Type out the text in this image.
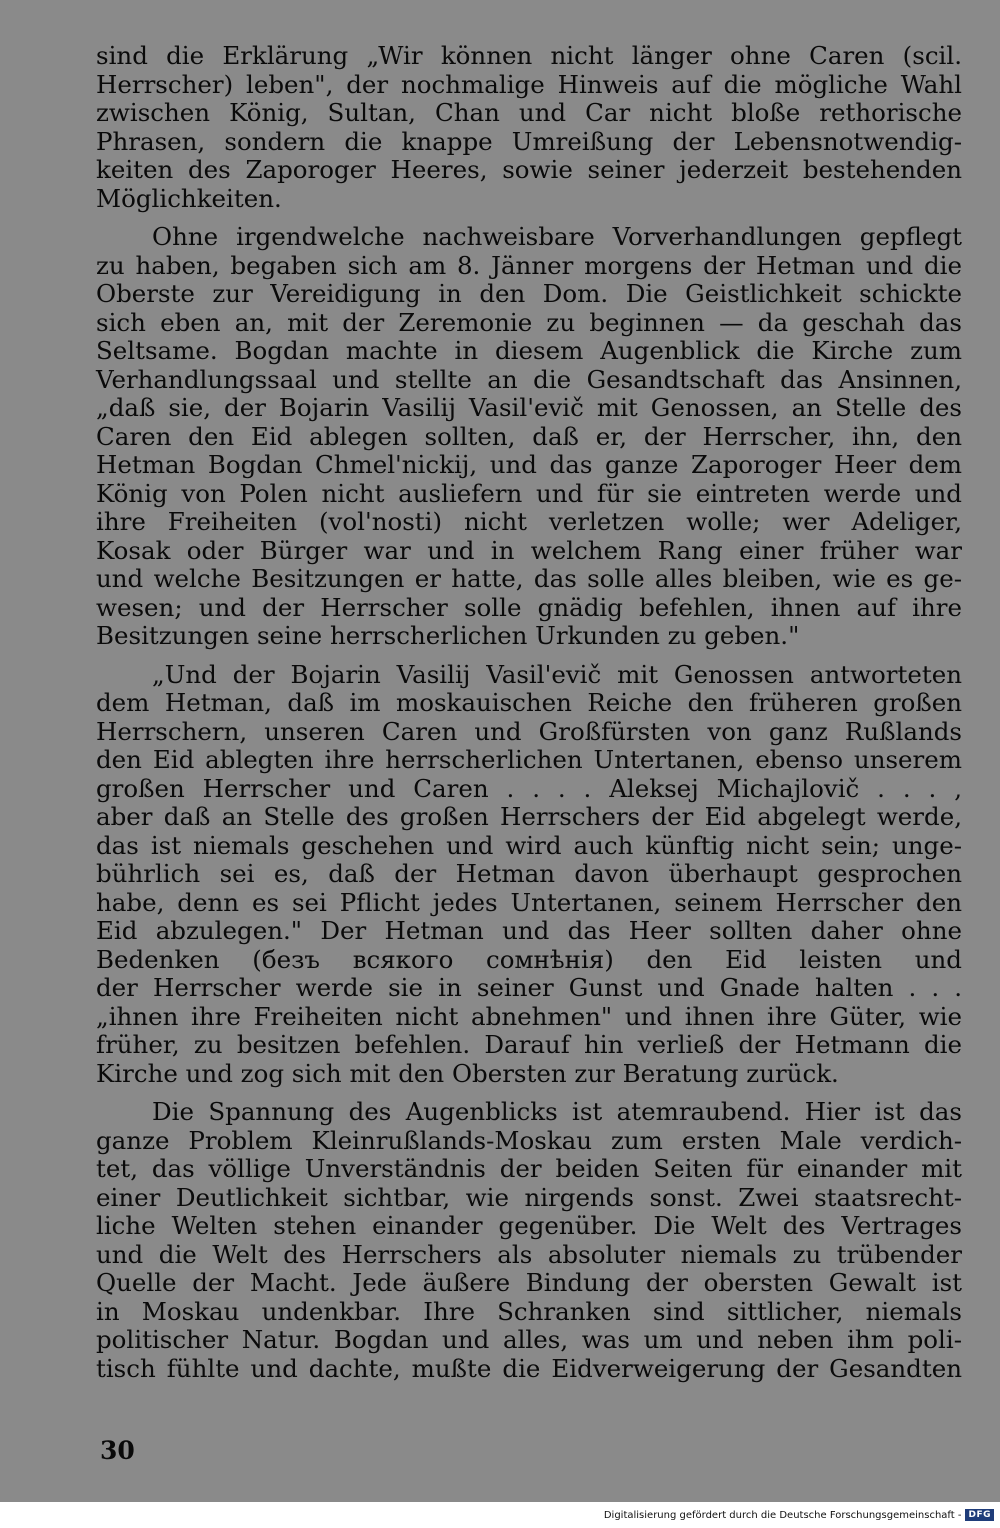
sind die Erklärung „Wir können nicht länger ohne Caren (scil.
Herrscher) leben", der nochmalige Hinweis auf die mögliche Wahl
zwischen König, Sultan, Chan und Car nicht bloße rethorische
Phrasen, sondern die knappe Umreißung der Lebensnotwendig-
keiten des Zaporoger Heeres, sowie seiner jederzeit bestehenden
Möglichkeiten.

Ohne irgendwelche nachweisbare Vorverhandlungen gepflegt
zu haben, begaben sich am 8. Jänner morgens der Hetman und die
Oberste zur Vereidigung in den Dom. Die Geistlichkeit schickte
sich eben an, mit der Zeremonie zu beginnen — da geschah das
Seltsame. Bogdan machte in diesem Augenblick die Kirche zum
Verhandlungssaal und stellte an die Gesandtschaft das Ansinnen,
„daß sie, der Bojarin Vasilij Vasil'evič mit Genossen, an Stelle des
Caren den Eid ablegen sollten, daß er, der Herrscher, ihn, den
Hetman Bogdan Chmel'nickij, und das ganze Zaporoger Heer dem
König von Polen nicht ausliefern und für sie eintreten werde und
ihre Freiheiten (vol'nosti) nicht verletzen wolle; wer Adeliger,
Kosak oder Bürger war und in welchem Rang einer früher war
und welche Besitzungen er hatte, das solle alles bleiben, wie es ge-
wesen; und der Herrscher solle gnädig befehlen, ihnen auf ihre
Besitzungen seine herrscherlichen Urkunden zu geben."

„Und der Bojarin Vasilij Vasil'evič mit Genossen antworteten
dem Hetman, daß im moskauischen Reiche den früheren großen
Herrschern, unseren Caren und Großfürsten von ganz Rußlands
den Eid ablegten ihre herrscherlichen Untertanen, ebenso unserem
großen Herrscher und Caren . . . . Aleksej Michajlovič . . . ,
aber daß an Stelle des großen Herrschers der Eid abgelegt werde,
das ist niemals geschehen und wird auch künftig nicht sein; unge-
bührlich sei es, daß der Hetman davon überhaupt gesprochen
habe, denn es sei Pflicht jedes Untertanen, seinem Herrscher den
Eid abzulegen." Der Hetman und das Heer sollten daher ohne
Bedenken (безъ всякого сомнѣнія) den Eid leisten und
der Herrscher werde sie in seiner Gunst und Gnade halten . . .
„ihnen ihre Freiheiten nicht abnehmen" und ihnen ihre Güter, wie
früher, zu besitzen befehlen. Darauf hin verließ der Hetmann die
Kirche und zog sich mit den Obersten zur Beratung zurück.

Die Spannung des Augenblicks ist atemraubend. Hier ist das
ganze Problem Kleinrußlands-Moskau zum ersten Male verdich-
tet, das völlige Unverständnis der beiden Seiten für einander mit
einer Deutlichkeit sichtbar, wie nirgends sonst. Zwei staatsrecht-
liche Welten stehen einander gegenüber. Die Welt des Vertrages
und die Welt des Herrschers als absoluter niemals zu trübender
Quelle der Macht. Jede äußere Bindung der obersten Gewalt ist
in Moskau undenkbar. Ihre Schranken sind sittlicher, niemals
politischer Natur. Bogdan und alles, was um und neben ihm poli-
tisch fühlte und dachte, mußte die Eidverweigerung der Gesandten

30
Digitalisierung gefördert durch die Deutsche Forschungsgemeinschaft - DFG
